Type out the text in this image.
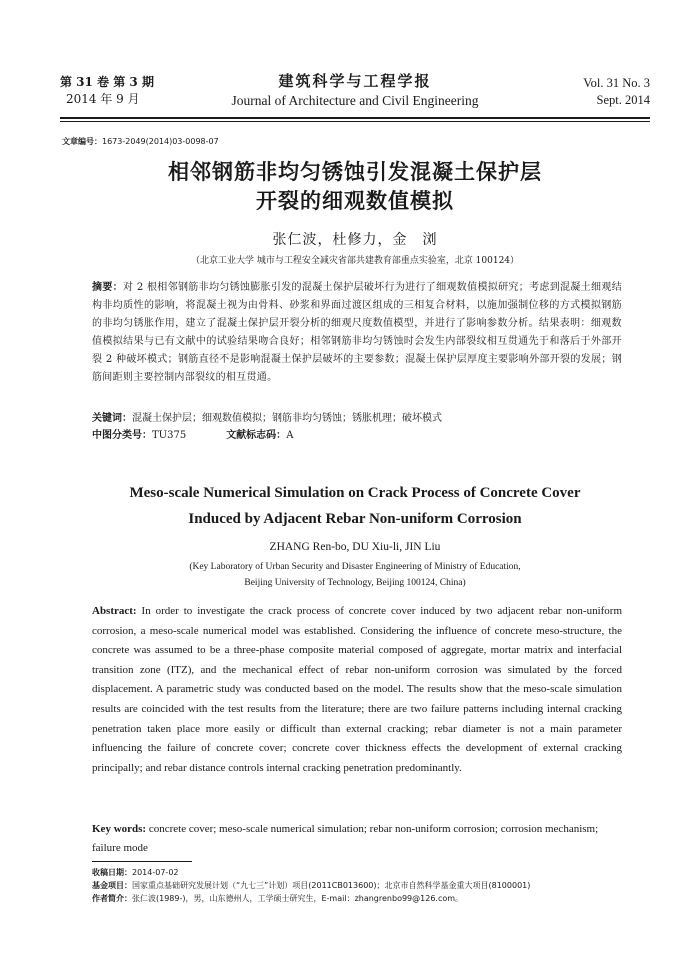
第 31 卷 第 3 期
2014 年 9 月
建筑科学与工程学报
Journal of Architecture and Civil Engineering
Vol. 31 No. 3
Sept. 2014
文章编号：1673-2049(2014)03-0098-07
相邻钢筋非均匀锈蚀引发混凝土保护层
开裂的细观数值模拟
张仁波，杜修力，金　浏
（北京工业大学 城市与工程安全减灾省部共建教育部重点实验室，北京 100124）
摘要：对 2 根相邻钢筋非均匀锈蚀膨胀引发的混凝土保护层破坏行为进行了细观数值模拟研究；考虑到混凝土细观结构非均质性的影响，将混凝土视为由骨料、砂浆和界面过渡区组成的三相复合材料，以施加强制位移的方式模拟钢筋的非均匀锈胀作用，建立了混凝土保护层开裂分析的细观尺度数值模型，并进行了影响参数分析。结果表明：细观数值模拟结果与已有文献中的试验结果吻合良好；相邻钢筋非均匀锈蚀时会发生内部裂纹相互贯通先于和落后于外部开裂 2 种破坏模式；钢筋直径不是影响混凝土保护层破坏的主要参数；混凝土保护层厚度主要影响外部开裂的发展；钢筋间距则主要控制内部裂纹的相互贯通。
关键词：混凝土保护层；细观数值模拟；钢筋非均匀锈蚀；锈胀机理；破坏模式
中图分类号：TU375	文献标志码：A
Meso-scale Numerical Simulation on Crack Process of Concrete Cover
Induced by Adjacent Rebar Non-uniform Corrosion
ZHANG Ren-bo, DU Xiu-li, JIN Liu
(Key Laboratory of Urban Security and Disaster Engineering of Ministry of Education,
Beijing University of Technology, Beijing 100124, China)
Abstract: In order to investigate the crack process of concrete cover induced by two adjacent rebar non-uniform corrosion, a meso-scale numerical model was established. Considering the influence of concrete meso-structure, the concrete was assumed to be a three-phase composite material composed of aggregate, mortar matrix and interfacial transition zone (ITZ), and the mechanical effect of rebar non-uniform corrosion was simulated by the forced displacement. A parametric study was conducted based on the model. The results show that the meso-scale simulation results are coincided with the test results from the literature; there are two failure patterns including internal cracking penetration taken place more easily or difficult than external cracking; rebar diameter is not a main parameter influencing the failure of concrete cover; concrete cover thickness effects the development of external cracking principally; and rebar distance controls internal cracking penetration predominantly.
Key words: concrete cover; meso-scale numerical simulation; rebar non-uniform corrosion; corrosion mechanism; failure mode
收稿日期：2014-07-02
基金项目：国家重点基础研究发展计划（“九七三”计划）项目(2011CB013600)；北京市自然科学基金重大项目(8100001)
作者简介：张仁波(1989-)，男，山东德州人，工学硕士研究生，E-mail：zhangrenbo99@126.com。
